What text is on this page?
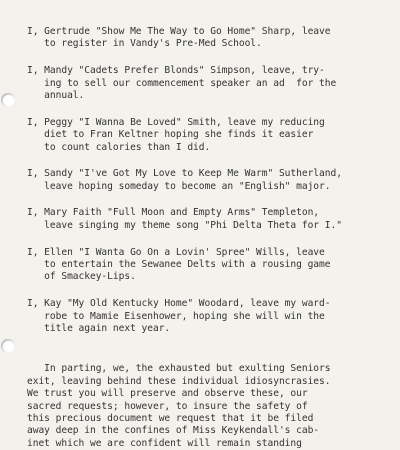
I, Gertrude "Show Me The Way to Go Home" Sharp, leave
to register in Vandy's Pre-Med School.
I, Mandy "Cadets Prefer Blonds" Simpson, leave, try-
ing to sell our commencement speaker an ad  for the
annual.
I, Peggy "I Wanna Be Loved" Smith, leave my reducing
diet to Fran Keltner hoping she finds it easier
to count calories than I did.
I, Sandy "I've Got My Love to Keep Me Warm" Sutherland,
leave hoping someday to become an "English" major.
I, Mary Faith "Full Moon and Empty Arms" Templeton,
leave singing my theme song "Phi Delta Theta for I."
I, Ellen "I Wanta Go On a Lovin' Spree" Wills, leave
to entertain the Sewanee Delts with a rousing game
of Smackey-Lips.
I, Kay "My Old Kentucky Home" Woodard, leave my ward-
robe to Mamie Eisenhower, hoping she will win the
title again next year.
In parting, we, the exhausted but exulting Seniors
exit, leaving behind these individual idiosyncrasies.
We trust you will preserve and observe these, our
sacred requests; however, to insure the safety of
this precious document we request that it be filed
away deep in the confines of Miss Keykendall's cab-
inet which we are confident will remain standing
